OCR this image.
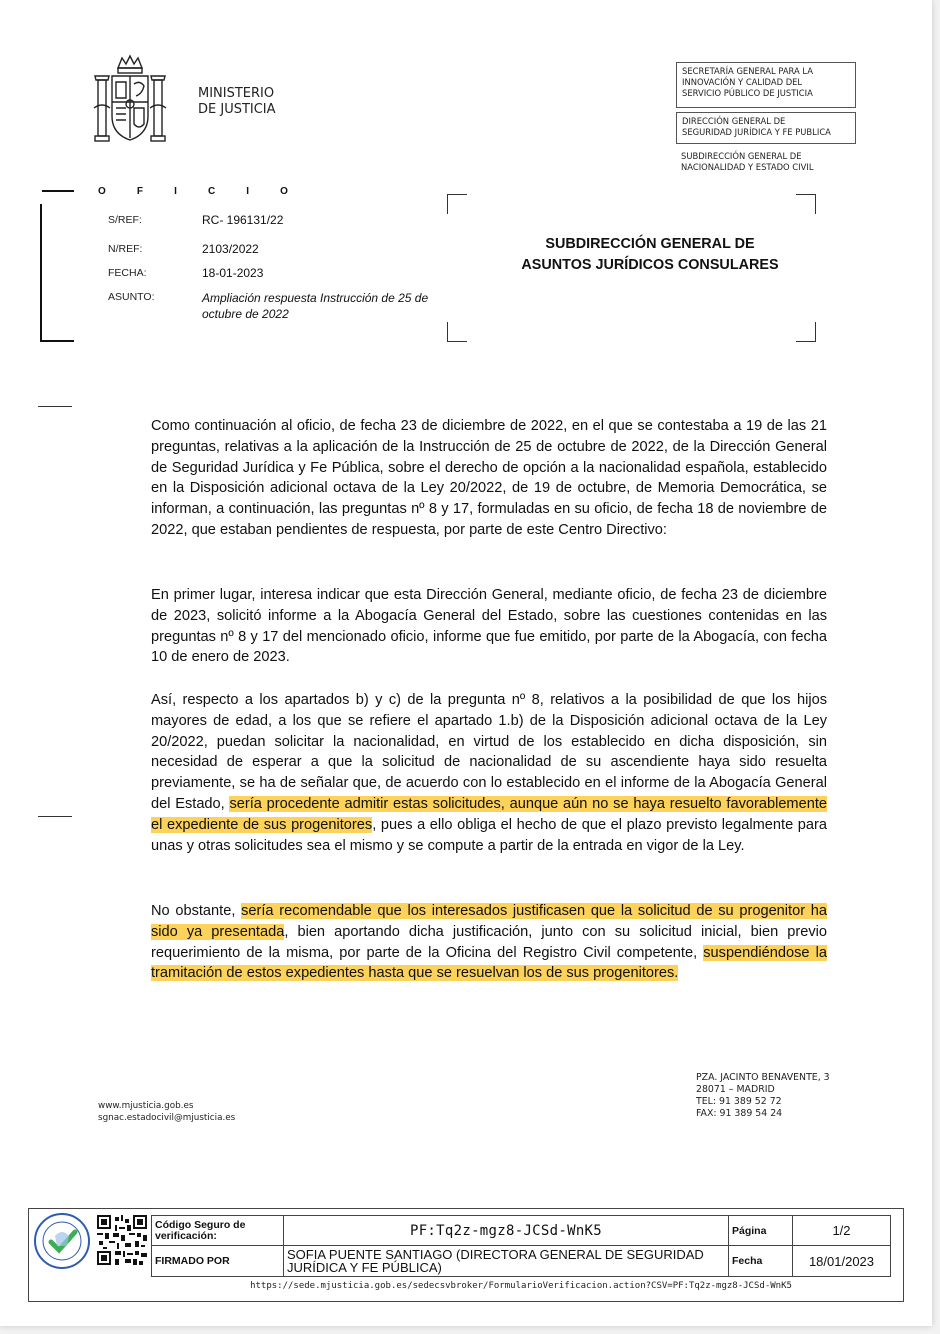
MINISTERIO
DE JUSTICIA
SECRETARÍA GENERAL PARA LA
INNOVACIÓN Y CALIDAD DEL
SERVICIO PÚBLICO DE JUSTICIA
DIRECCIÓN GENERAL DE
SEGURIDAD JURÍDICA Y FE PUBLICA
SUBDIRECCIÓN GENERAL DE
NACIONALIDAD Y ESTADO CIVIL
O	F	I	C	I	O
S/REF:	RC- 196131/22
N/REF:	2103/2022
FECHA:	18-01-2023
ASUNTO:	Ampliación respuesta Instrucción de 25 de octubre de 2022
SUBDIRECCIÓN GENERAL DE
ASUNTOS JURÍDICOS CONSULARES

Como continuación al oficio, de fecha 23 de diciembre de 2022, en el que se contestaba a 19 de las 21 preguntas, relativas a la aplicación de la Instrucción de 25 de octubre de 2022, de la Dirección General de Seguridad Jurídica y Fe Pública, sobre el derecho de opción a la nacionalidad española, establecido en la Disposición adicional octava de la Ley 20/2022, de 19 de octubre, de Memoria Democrática, se informan, a continuación, las preguntas nº 8 y 17, formuladas en su oficio, de fecha 18 de noviembre de 2022, que estaban pendientes de respuesta, por parte de este Centro Directivo:

En primer lugar, interesa indicar que esta Dirección General, mediante oficio, de fecha 23 de diciembre de 2023, solicitó informe a la Abogacía General del Estado, sobre las cuestiones contenidas en las preguntas nº 8 y 17 del mencionado oficio, informe que fue emitido, por parte de la Abogacía, con fecha 10 de enero de 2023.

Así, respecto a los apartados b) y c) de la pregunta nº 8, relativos a la posibilidad de que los hijos mayores de edad, a los que se refiere el apartado 1.b) de la Disposición adicional octava de la Ley 20/2022, puedan solicitar la nacionalidad, en virtud de los establecido en dicha disposición, sin necesidad de esperar a que la solicitud de nacionalidad de su ascendiente haya sido resuelta previamente, se ha de señalar que, de acuerdo con lo establecido en el informe de la Abogacía General del Estado, sería procedente admitir estas solicitudes, aunque aún no se haya resuelto favorablemente el expediente de sus progenitores, pues a ello obliga el hecho de que el plazo previsto legalmente para unas y otras solicitudes sea el mismo y se compute a partir de la entrada en vigor de la Ley.

No obstante, sería recomendable que los interesados justificasen que la solicitud de su progenitor ha sido ya presentada, bien aportando dicha justificación, junto con su solicitud inicial, bien previo requerimiento de la misma, por parte de la Oficina del Registro Civil competente, suspendiéndose la tramitación de estos expedientes hasta que se resuelvan los de sus progenitores.

www.mjusticia.gob.es
sgnac.estadocivil@mjusticia.es
PZA. JACINTO BENAVENTE, 3
28071 – MADRID
TEL: 91 389 52 72
FAX: 91 389 54 24
Código Seguro de verificación:	PF:Tq2z-mgz8-JCSd-WnK5	Página	1/2
FIRMADO POR	SOFIA PUENTE SANTIAGO (DIRECTORA GENERAL DE SEGURIDAD JURÍDICA Y FE PÚBLICA)	Fecha	18/01/2023
https://sede.mjusticia.gob.es/sedecsvbroker/FormularioVerificacion.action?CSV=PF:Tq2z-mgz8-JCSd-WnK5
